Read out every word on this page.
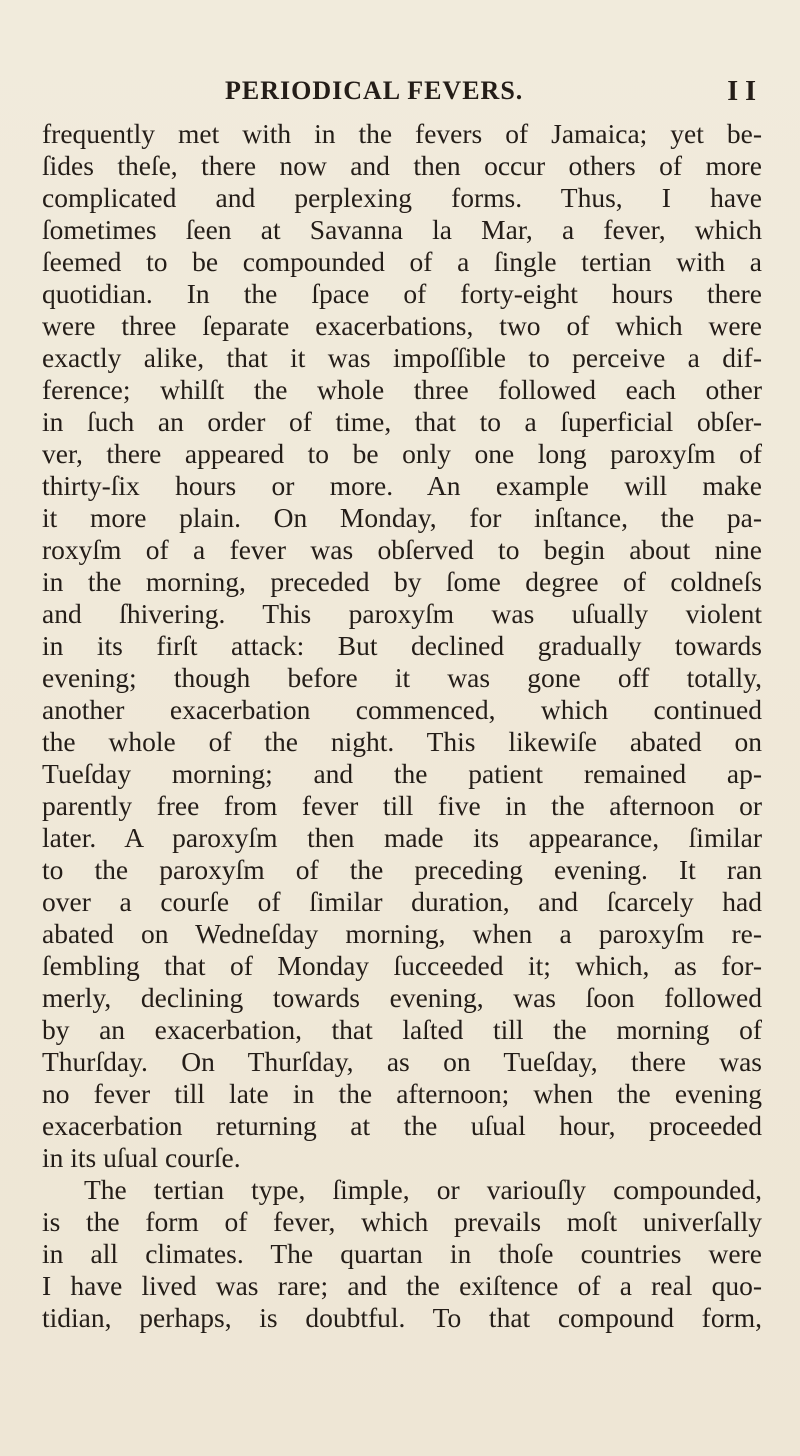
PERIODICAL FEVERS.	I I
frequently met with in the fevers of Jamaica; yet be-
ſides theſe, there now and then occur others of more
complicated and perplexing forms. Thus, I have
ſometimes ſeen at Savanna la Mar, a fever, which
ſeemed to be compounded of a ſingle tertian with a
quotidian. In the ſpace of forty-eight hours there
were three ſeparate exacerbations, two of which were
exactly alike, that it was impoſſible to perceive a dif-
ference; whilſt the whole three followed each other
in ſuch an order of time, that to a ſuperficial obſer-
ver, there appeared to be only one long paroxyſm of
thirty-ſix hours or more. An example will make
it more plain. On Monday, for inſtance, the pa-
roxyſm of a fever was obſerved to begin about nine
in the morning, preceded by ſome degree of coldneſs
and ſhivering. This paroxyſm was uſually violent
in its firſt attack: But declined gradually towards
evening; though before it was gone off totally,
another exacerbation commenced, which continued
the whole of the night. This likewiſe abated on
Tueſday morning; and the patient remained ap-
parently free from fever till five in the afternoon or
later. A paroxyſm then made its appearance, ſimilar
to the paroxyſm of the preceding evening. It ran
over a courſe of ſimilar duration, and ſcarcely had
abated on Wedneſday morning, when a paroxyſm re-
ſembling that of Monday ſucceeded it; which, as for-
merly, declining towards evening, was ſoon followed
by an exacerbation, that laſted till the morning of
Thurſday. On Thurſday, as on Tueſday, there was
no fever till late in the afternoon; when the evening
exacerbation returning at the uſual hour, proceeded
in its uſual courſe.
The tertian type, ſimple, or variouſly compounded,
is the form of fever, which prevails moſt univerſally
in all climates. The quartan in thoſe countries were
I have lived was rare; and the exiſtence of a real quo-
tidian, perhaps, is doubtful. To that compound form,
